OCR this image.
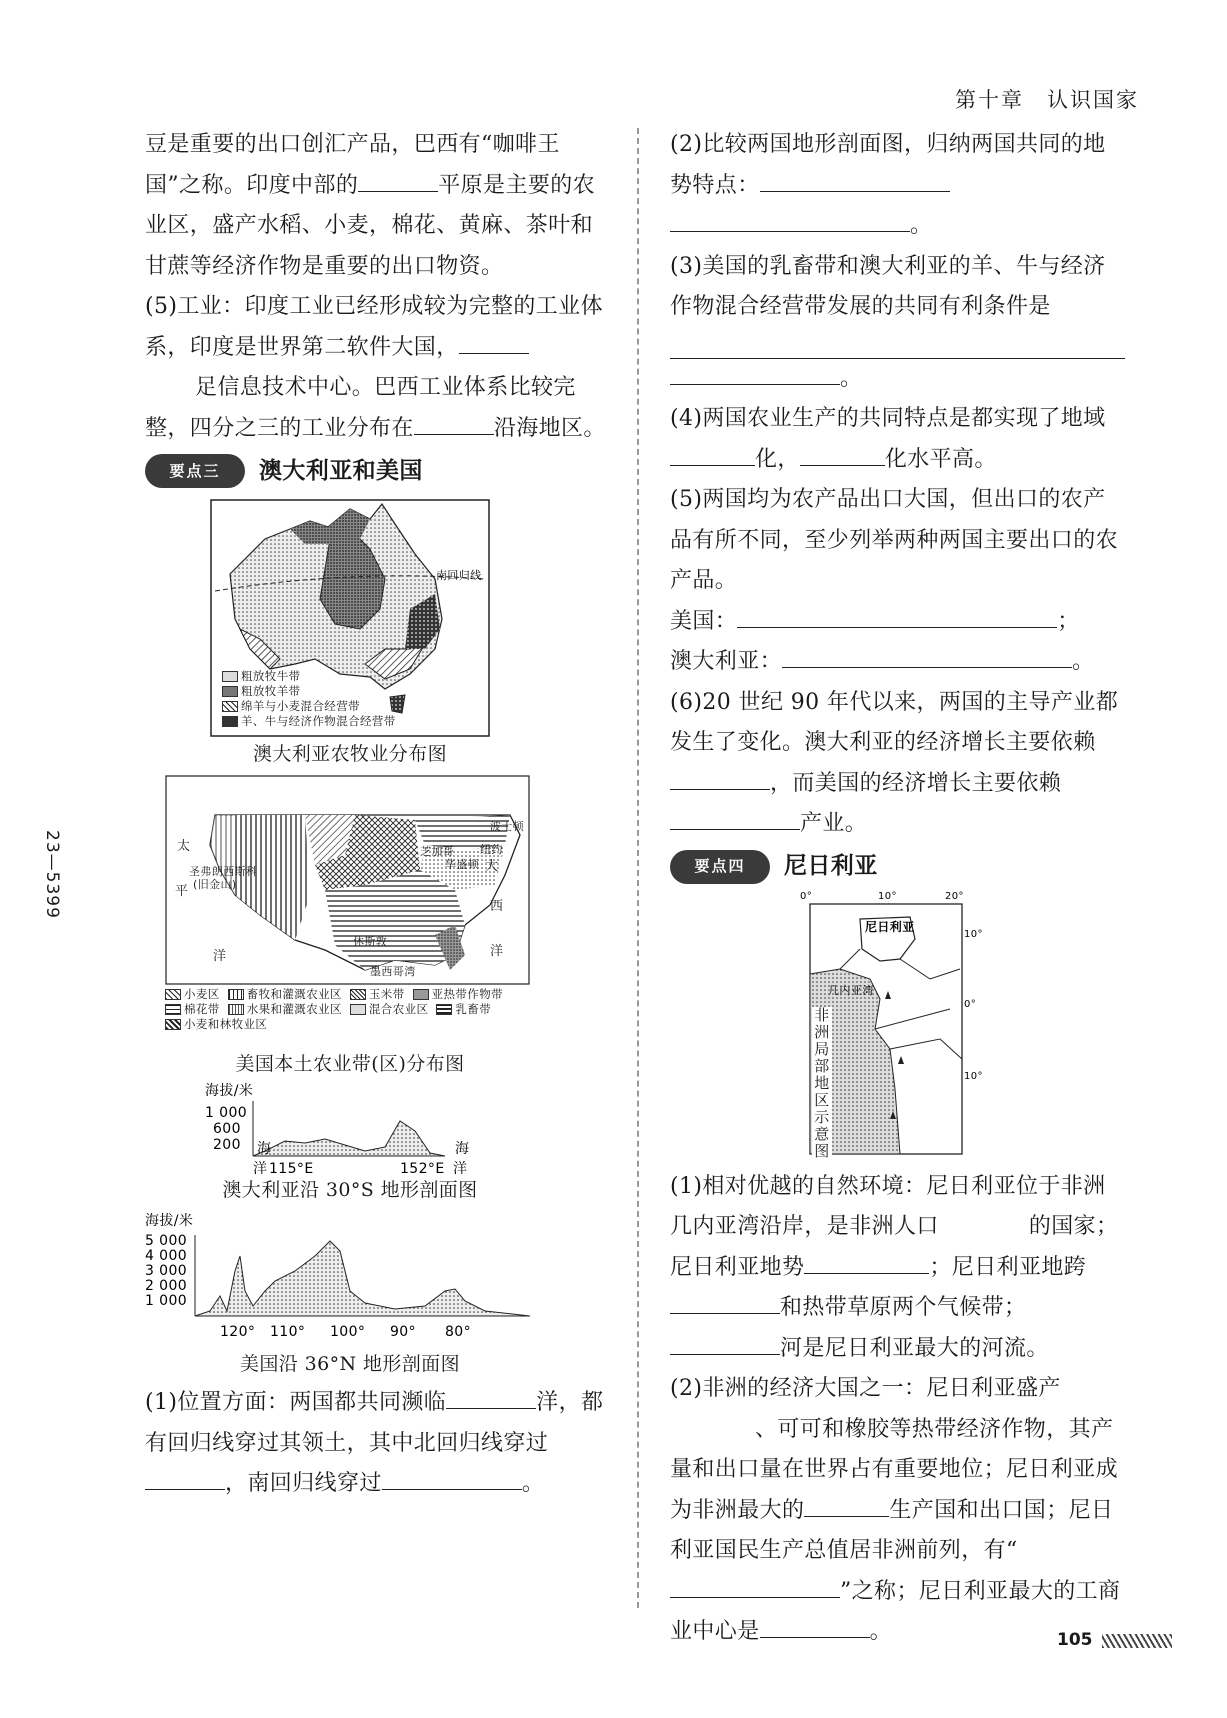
第十章　认识国家
23—5399

豆是重要的出口创汇产品，巴西有“咖啡王国”之称。印度中部的	平原是主要的农业区，盛产水稻、小麦，棉花、黄麻、茶叶和甘蔗等经济作物是重要的出口物资。

(5)工业：印度工业已经形成较为完整的工业体系，印度是世界第二软件大国，
足信息技术中心。巴西工业体系比较完整，四分之三的工业分布在	沿海地区。

要点三	澳大利亚和美国
南回归线
粗放牧牛带
粗放牧羊带
绵羊与小麦混合经营带
羊、牛与经济作物混合经营带
澳大利亚农牧业分布图
太
平
洋
大
西
洋
圣弗朗西斯科
(旧金山)
华盛顿
纽约
休斯敦
墨西哥湾
芝加哥
波士顿
小麦区	畜牧和灌溉农业区	玉米带	亚热带作物带
棉花带	水果和灌溉农业区	混合农业区	乳畜带
小麦和林牧业区
美国本土农业带(区)分布图
海拔/米
1 000
600
200 海
洋 115°E	152°E
海
洋
澳大利亚沿 30°S 地形剖面图
海拔/米
5 000
4 000
3 000
2 000
1 000
120° 110° 100° 90° 80°
美国沿 36°N 地形剖面图

(1)位置方面：两国都共同濒临	洋，都有回归线穿过其领土，其中北回归线穿过
，南回归线穿过	。

(2)比较两国地形剖面图，归纳两国共同的地势特点：
。

(3)美国的乳畜带和澳大利亚的羊、牛与经济作物混合经营带发展的共同有利条件是

。

(4)两国农业生产的共同特点是都实现了地域化，	化水平高。

(5)两国均为农产品出口大国，但出口的农产品有所不同，至少列举两种两国主要出口的农产品。
美国：	；
澳大利亚：	。

(6)20 世纪 90 年代以来，两国的主导产业都发生了变化。澳大利亚的经济增长主要依赖，而美国的经济增长主要依赖产业。

要点四	尼日利亚
尼日利亚
几内亚湾
0°	10°	20°
10°
0°
10°
非洲局部地区示意图

(1)相对优越的自然环境：尼日利亚位于非洲几内亚湾沿岸，是非洲人口	的国家；尼日利亚地势	；尼日利亚地跨和热带草原两个气候带；
河是尼日利亚最大的河流。

(2)非洲的经济大国之一：尼日利亚盛产
、可可和橡胶等热带经济作物，其产量和出口量在世界占有重要地位；尼日利亚成为非洲最大的	生产国和出口国；尼日利亚国民生产总值居非洲前列，有“”之称；尼日利亚最大的工商业中心是	。	105
